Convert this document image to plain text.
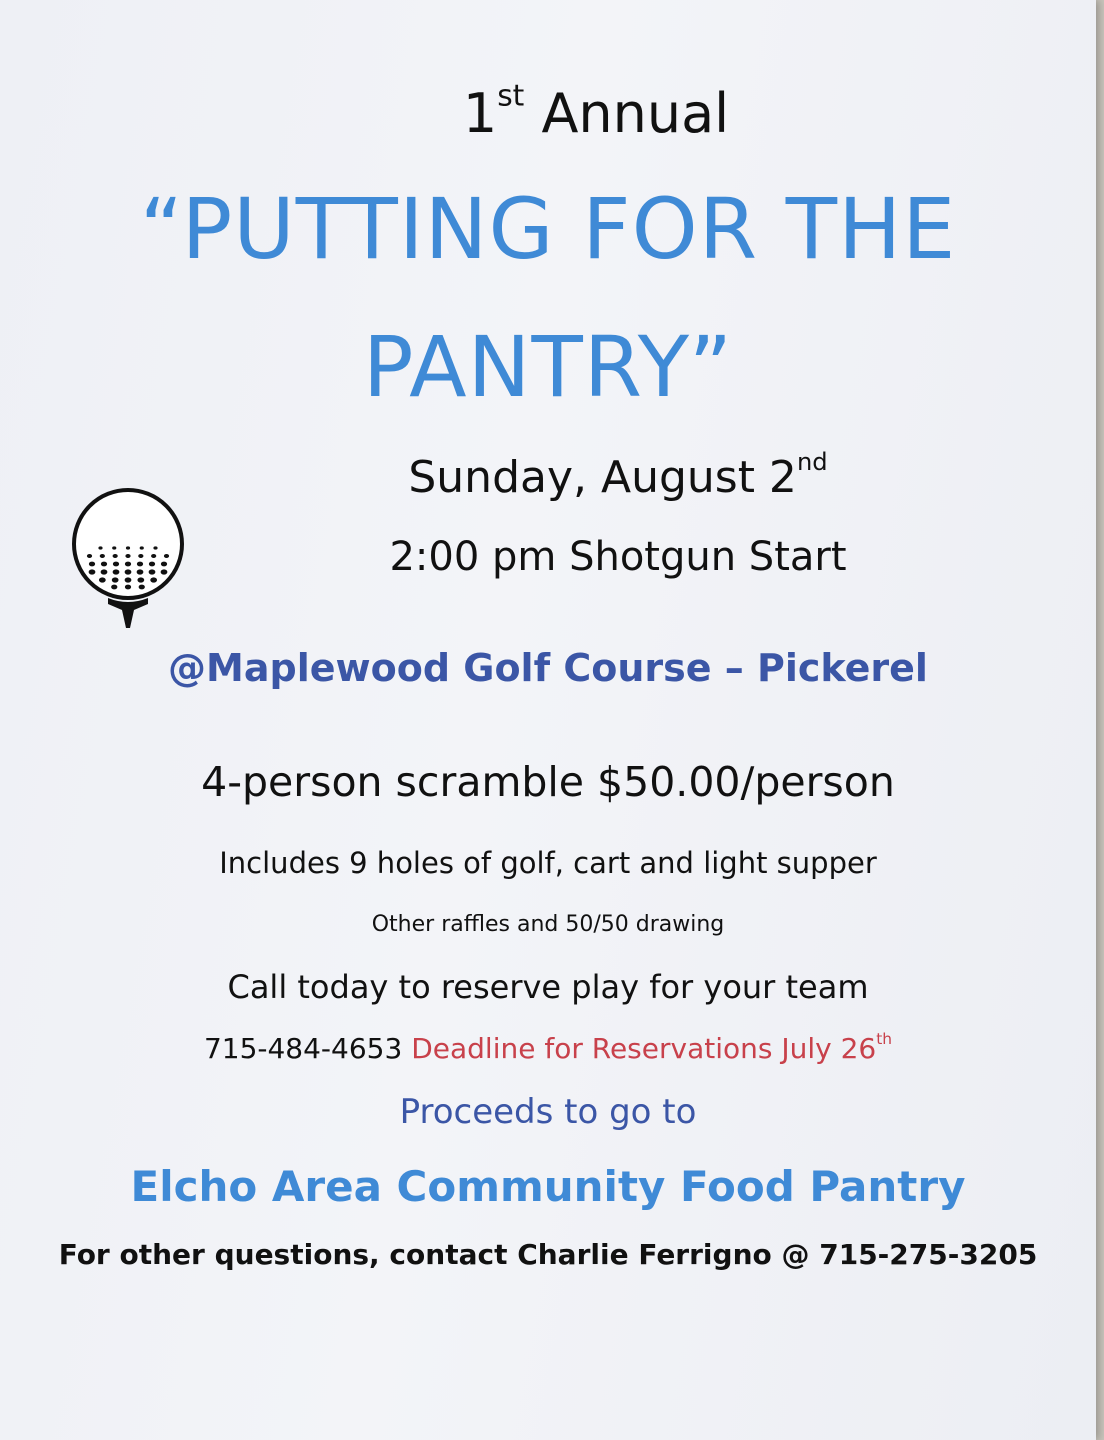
1st Annual
“PUTTING FOR THE
PANTRY”
Sunday, August 2nd
2:00 pm Shotgun Start
@Maplewood Golf Course – Pickerel
4-person scramble $50.00/person
Includes 9 holes of golf, cart and light supper
Other raffles and 50/50 drawing
Call today to reserve play for your team
715-484-4653 Deadline for Reservations July 26th
Proceeds to go to
Elcho Area Community Food Pantry
For other questions, contact Charlie Ferrigno @ 715-275-3205
